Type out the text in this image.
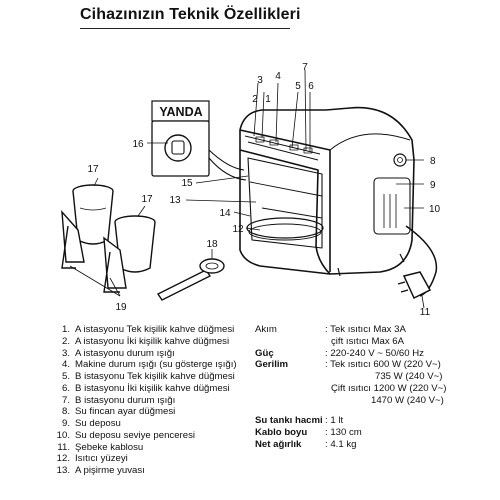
Cihazınızın Teknik Özellikleri
YANDA
1
2
3 4
5 6
7
8
9
10
11
12
13
14
15
16
17
17
18
19
1. A istasyonu Tek kişilik kahve düğmesi
2. A istasyonu İki kişilik kahve düğmesi
3. A istasyonu durum ışığı
4. Makine durum ışığı (su gösterge ışığı)
5. B istasyonu Tek kişilik kahve düğmesi
6. B istasyonu İki kişilik kahve düğmesi
7. B istasyonu durum ışığı
8. Su fincan ayar düğmesi
9. Su deposu
10. Su deposu seviye penceresi
11. Şebeke kablosu
12. Isıtıcı yüzeyi
13. A pişirme yuvası
Akım	: Tek ısıtıcı Max 3A
çift ısıtıcı Max 6A
Güç	: 220-240 V ~ 50/60 Hz
Gerilim	: Tek ısıtıcı 600 W (220 V~)
735 W (240 V~)
Çift ısıtıcı 1200 W (220 V~)
1470 W (240 V~)
Su tankı hacmi : 1 lt
Kablo boyu : 130 cm
Net ağırlık : 4.1 kg
